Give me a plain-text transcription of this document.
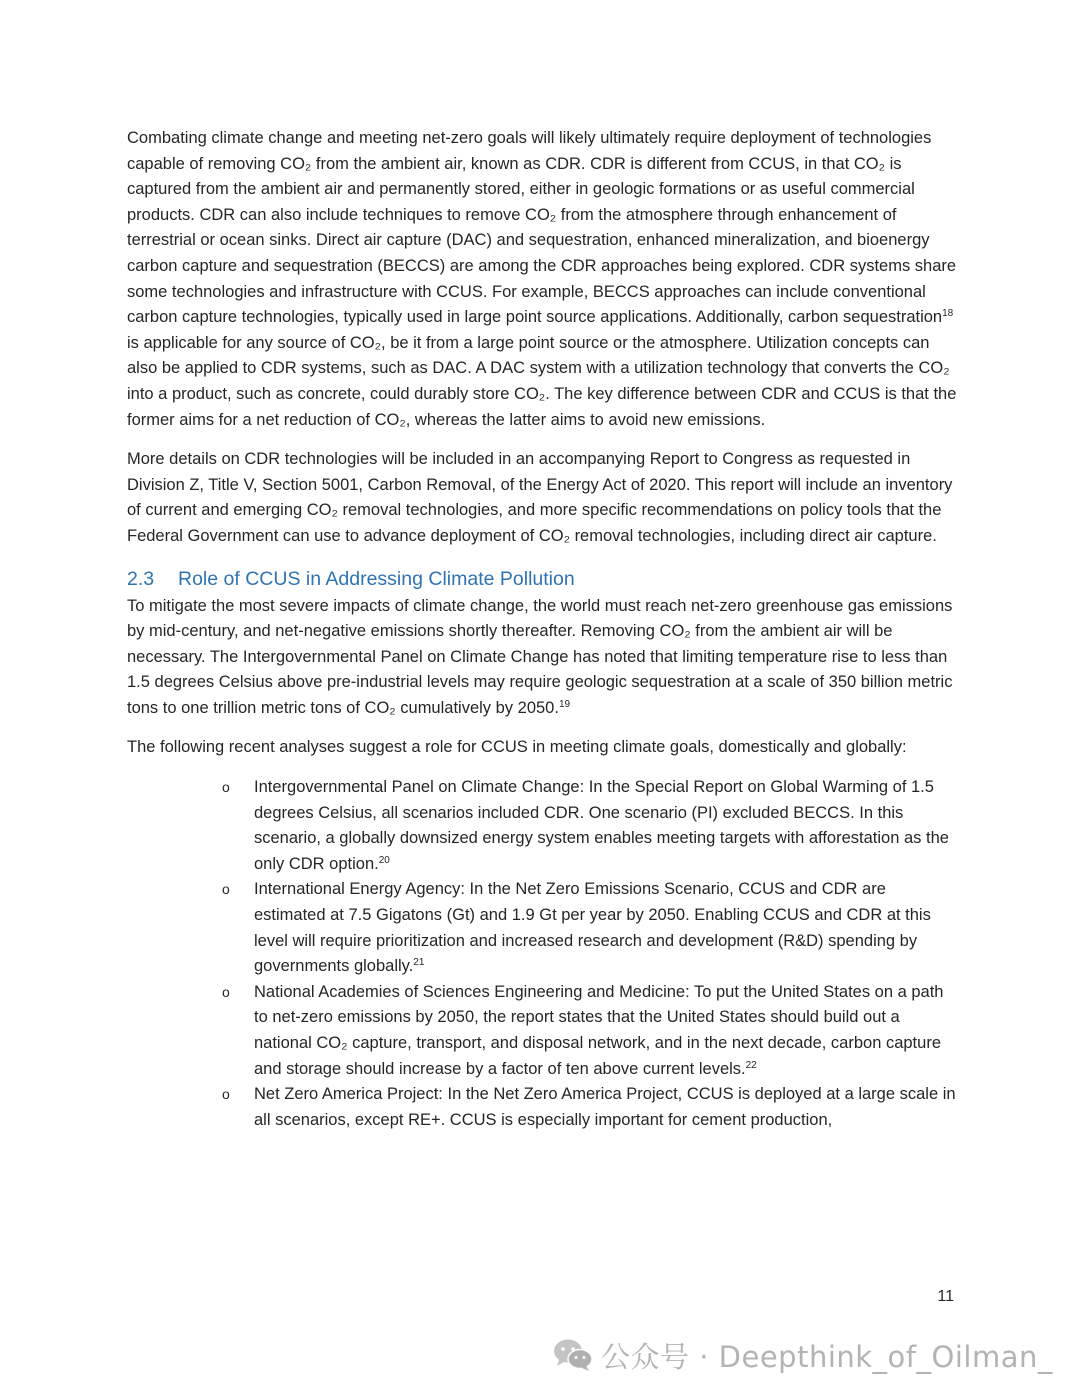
Combating climate change and meeting net-zero goals will likely ultimately require deployment of technologies capable of removing CO₂ from the ambient air, known as CDR. CDR is different from CCUS, in that CO₂ is captured from the ambient air and permanently stored, either in geologic formations or as useful commercial products. CDR can also include techniques to remove CO₂ from the atmosphere through enhancement of terrestrial or ocean sinks. Direct air capture (DAC) and sequestration, enhanced mineralization, and bioenergy carbon capture and sequestration (BECCS) are among the CDR approaches being explored. CDR systems share some technologies and infrastructure with CCUS. For example, BECCS approaches can include conventional carbon capture technologies, typically used in large point source applications. Additionally, carbon sequestration$^{18}$ is applicable for any source of CO₂, be it from a large point source or the atmosphere. Utilization concepts can also be applied to CDR systems, such as DAC. A DAC system with a utilization technology that converts the CO₂ into a product, such as concrete, could durably store CO₂. The key difference between CDR and CCUS is that the former aims for a net reduction of CO₂, whereas the latter aims to avoid new emissions.

More details on CDR technologies will be included in an accompanying Report to Congress as requested in Division Z, Title V, Section 5001, Carbon Removal, of the Energy Act of 2020. This report will include an inventory of current and emerging CO₂ removal technologies, and more specific recommendations on policy tools that the Federal Government can use to advance deployment of CO₂ removal technologies, including direct air capture.

2.3 Role of CCUS in Addressing Climate Pollution

To mitigate the most severe impacts of climate change, the world must reach net-zero greenhouse gas emissions by mid-century, and net-negative emissions shortly thereafter. Removing CO₂ from the ambient air will be necessary. The Intergovernmental Panel on Climate Change has noted that limiting temperature rise to less than 1.5 degrees Celsius above pre-industrial levels may require geologic sequestration at a scale of 350 billion metric tons to one trillion metric tons of CO₂ cumulatively by 2050.19

The following recent analyses suggest a role for CCUS in meeting climate goals, domestically and globally:

o Intergovernmental Panel on Climate Change: In the Special Report on Global Warming of 1.5 degrees Celsius, all scenarios included CDR. One scenario (PI) excluded BECCS. In this scenario, a globally downsized energy system enables meeting targets with afforestation as the only CDR option.$^{20}$
o International Energy Agency: In the Net Zero Emissions Scenario, CCUS and CDR are estimated at 7.5 Gigatons (Gt) and 1.9 Gt per year by 2050. Enabling CCUS and CDR at this level will require prioritization and increased research and development (R&D) spending by governments globally.$^{21}$
o National Academies of Sciences Engineering and Medicine: To put the United States on a path to net-zero emissions by 2050, the report states that the United States should build out a national CO₂ capture, transport, and disposal network, and in the next decade, carbon capture and storage should increase by a factor of ten above current levels.$^{22}$
o Net Zero America Project: In the Net Zero America Project, CCUS is deployed at a large scale in all scenarios, except RE+. CCUS is especially important for cement production,
11
公众号 · Deepthink_of_Oilman_
